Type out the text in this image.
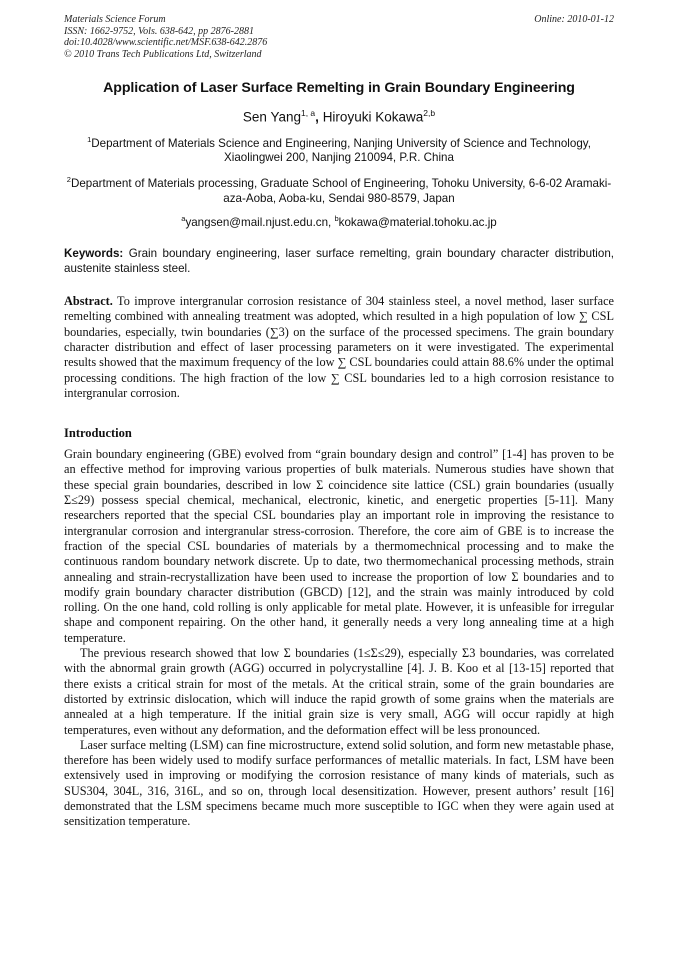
Materials Science Forum
ISSN: 1662-9752, Vols. 638-642, pp 2876-2881
doi:10.4028/www.scientific.net/MSF.638-642.2876
© 2010 Trans Tech Publications Ltd, Switzerland
Online: 2010-01-12
Application of Laser Surface Remelting in Grain Boundary Engineering
Sen Yang$^{1, a}$, Hiroyuki Kokawa$^{2,b}$
$^1$Department of Materials Science and Engineering, Nanjing University of Science and Technology, Xiaolingwei 200, Nanjing 210094, P.R. China
$^2$Department of Materials processing, Graduate School of Engineering, Tohoku University, 6-6-02 Aramaki-aza-Aoba, Aoba-ku, Sendai 980-8579, Japan
$^a$yangsen@mail.njust.edu.cn, $^b$kokawa@material.tohoku.ac.jp
Keywords: Grain boundary engineering, laser surface remelting, grain boundary character distribution, austenite stainless steel.
Abstract. To improve intergranular corrosion resistance of 304 stainless steel, a novel method, laser surface remelting combined with annealing treatment was adopted, which resulted in a high population of low ∑ CSL boundaries, especially, twin boundaries (∑3) on the surface of the processed specimens. The grain boundary character distribution and effect of laser processing parameters on it were investigated. The experimental results showed that the maximum frequency of the low ∑ CSL boundaries could attain 88.6% under the optimal processing conditions. The high fraction of the low ∑ CSL boundaries led to a high corrosion resistance to intergranular corrosion.
Introduction
Grain boundary engineering (GBE) evolved from “grain boundary design and control” [1-4] has proven to be an effective method for improving various properties of bulk materials. Numerous studies have shown that these special grain boundaries, described in low Σ coincidence site lattice (CSL) grain boundaries (usually Σ≤29) possess special chemical, mechanical, electronic, kinetic, and energetic properties [5-11]. Many researchers reported that the special CSL boundaries play an important role in improving the resistance to intergranular corrosion and intergranular stress-corrosion. Therefore, the core aim of GBE is to increase the fraction of the special CSL boundaries of materials by a thermomechnical processing and to make the continuous random boundary network discrete. Up to date, two thermomechanical processing methods, strain annealing and strain-recrystallization have been used to increase the proportion of low Σ boundaries and to modify grain boundary character distribution (GBCD) [12], and the strain was mainly introduced by cold rolling. On the one hand, cold rolling is only applicable for metal plate. However, it is unfeasible for irregular shape and component repairing. On the other hand, it generally needs a very long annealing time at a high temperature.
The previous research showed that low Σ boundaries (1≤Σ≤29), especially Σ3 boundaries, was correlated with the abnormal grain growth (AGG) occurred in polycrystalline [4]. J. B. Koo et al [13-15] reported that there exists a critical strain for most of the metals. At the critical strain, some of the grain boundaries are distorted by extrinsic dislocation, which will induce the rapid growth of some grains when the materials are annealed at a high temperature. If the initial grain size is very small, AGG will occur rapidly at high temperatures, even without any deformation, and the deformation effect will be less pronounced.
Laser surface melting (LSM) can fine microstructure, extend solid solution, and form new metastable phase, therefore has been widely used to modify surface performances of metallic materials. In fact, LSM have been extensively used in improving or modifying the corrosion resistance of many kinds of materials, such as SUS304, 304L, 316, 316L, and so on, through local desensitization. However, present authors’ result [16] demonstrated that the LSM specimens became much more susceptible to IGC when they were again used at sensitization temperature.
